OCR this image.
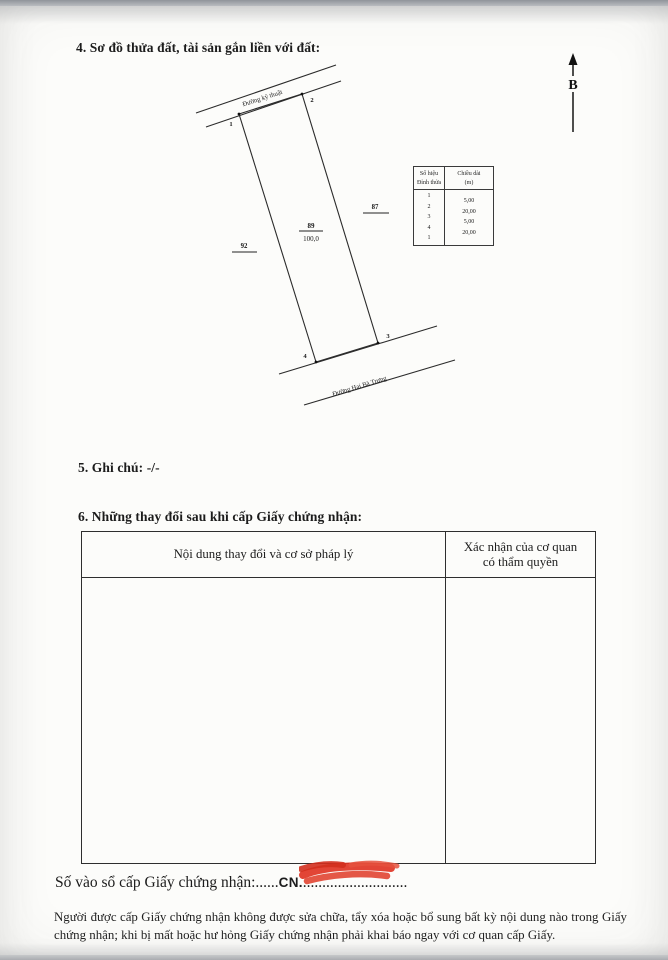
4. Sơ đồ thửa đất, tài sản gắn liền với đất:
B
Đường kỹ thuật
Đường Hai Bà Trưng
1
2
3
4
89
100,0
92
87
Số hiệu
Đỉnh thửa
1
2
3
4
1
Chiều dài
(m)
5,00
20,00
5,00
20,00
5. Ghi chú: -/-
6. Những thay đổi sau khi cấp Giấy chứng nhận:
Nội dung thay đổi và cơ sở pháp lý
Xác nhận của cơ quan
có thẩm quyền
Số vào sổ cấp Giấy chứng nhận:......CN............................
Người được cấp Giấy chứng nhận không được sửa chữa, tẩy xóa hoặc bổ sung bất kỳ nội dung nào trong Giấy chứng nhận; khi bị mất hoặc hư hỏng Giấy chứng nhận phải khai báo ngay với cơ quan cấp Giấy.
